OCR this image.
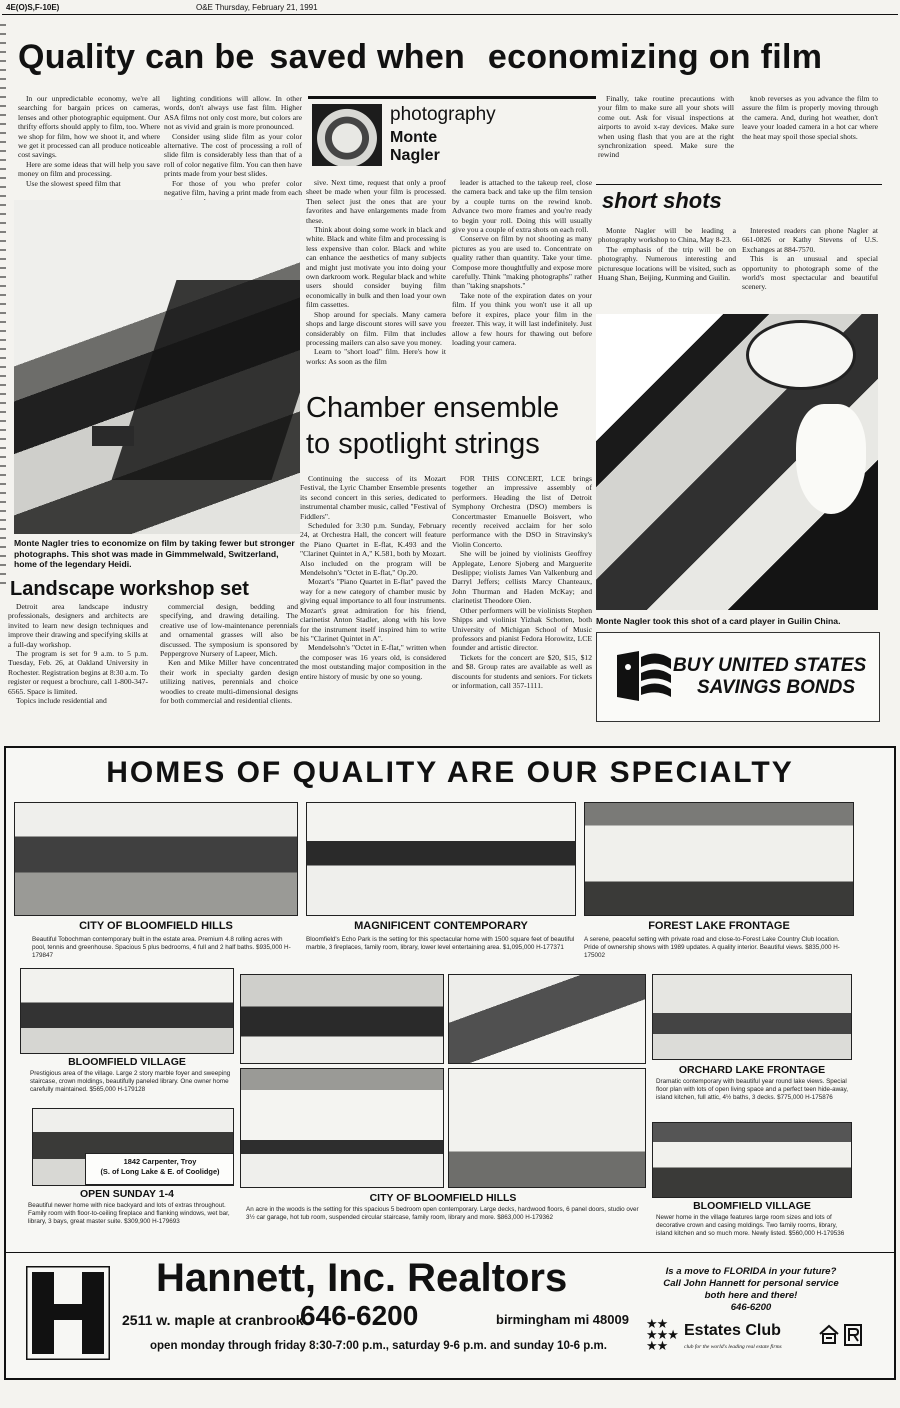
4E(O)S,F-10E)	O&E Thursday, February 21, 1991
Quality can be saved when economizing on film

In our unpredictable economy, we're all searching for bargain prices on cameras, lenses and other photographic equipment. Our thrifty efforts should apply to film, too. Where we shop for film, how we shoot it, and where we get it processed can all produce noticeable cost savings.

Here are some ideas that will help you save money on film and processing.

Use the slowest speed film that

lighting conditions will allow. In other words, don't always use fast film. Higher ASA films not only cost more, but colors are not as vivid and grain is more pronounced.

Consider using slide film as your color alternative. The cost of processing a roll of slide film is considerably less than that of a roll of color negative film. You can then have prints made from your best slides.

For those of you who prefer color negative film, having a print made from each

photography
Monte
Nagler

Finally, take routine precautions with your film to make sure all your shots will come out. Ask for visual inspections at airports to avoid x-ray devices. Make sure when using flash that you are at the right synchronization speed. Make sure the rewind

knob reverses as you advance the film to assure the film is properly moving through the camera. And, during hot weather, don't leave your loaded camera in a hot car where the heat may spoil those special shots.

sive. Next time, request that only a proof sheet be made when your film is processed. Then select just the ones that are your favorites and have enlargements made from these.

Think about doing some work in black and white. Black and white film and processing is less expensive than color. Black and white can enhance the aesthetics of many subjects and might just motivate you into doing your own darkroom work. Regular black and white users should consider buying film economically in bulk and then load your own film cassettes.

Shop around for specials. Many camera shops and large discount stores will save you considerably on film. Film that includes processing mailers can also save you money.

Learn to "short load" film. Here's how it works: As soon as the film

leader is attached to the takeup reel, close the camera back and take up the film tension by a couple turns on the rewind knob. Advance two more frames and you're ready to begin your roll. Doing this will usually give you a couple of extra shots on each roll.

Conserve on film by not shooting as many pictures as you are used to. Concentrate on quality rather than quantity. Take your time. Compose more thoughtfully and expose more carefully. Think "making photographs" rather than "taking snapshots."

Take note of the expiration dates on your film. If you think you won't use it all up before it expires, place your film in the freezer. This way, it will last indefinitely. Just allow a few hours for thawing out before loading your camera.

Monte Nagler tries to economize on film by taking fewer but stronger photographs. This shot was made in Gimmmelwald, Switzerland, home of the legendary Heidi.
Landscape workshop set

Detroit area landscape industry professionals, designers and architects are invited to learn new design techniques and improve their drawing and specifying skills at a full-day workshop.

The program is set for 9 a.m. to 5 p.m. Tuesday, Feb. 26, at Oakland University in Rochester. Registration begins at 8:30 a.m. To register or request a brochure, call 1-800-347-6565. Space is limited.

Topics include residential and

commercial design, bedding and specifying, and drawing detailing. The creative use of low-maintenance perennials and ornamental grasses will also be discussed. The symposium is sponsored by Peppergrove Nursery of Lapeer, Mich.

Ken and Mike Miller have concentrated their work in specialty garden design utilizing natives, perennials and choice woodies to create multi-dimensional designs for both commercial and residential clients.

Chamber ensemble
to spotlight strings

Continuing the success of its Mozart Festival, the Lyric Chamber Ensemble presents its second concert in this series, dedicated to instrumental chamber music, called "Festival of Fiddlers".

Scheduled for 3:30 p.m. Sunday, February 24, at Orchestra Hall, the concert will feature the Piano Quartet in E-flat, K.493 and the "Clarinet Quintet in A," K.581, both by Mozart. Also included on the program will be Mendelsohn's "Octet in E-flat," Op.20.

Mozart's "Piano Quartet in E-flat" paved the way for a new category of chamber music by giving equal importance to all four instruments. Mozart's great admiration for his friend, clarinetist Anton Stadler, along with his love for the instrument itself inspired him to write his "Clarinet Quintet in A".

Mendelsohn's "Octet in E-flat," written when the composer was 16 years old, is considered the most outstanding major composition in the entire history of music by one so young.

FOR THIS CONCERT, LCE brings together an impressive assembly of performers. Heading the list of Detroit Symphony Orchestra (DSO) members is Concertmaster Emanuelle Boisvert, who recently received acclaim for her solo performance with the DSO in Stravinsky's Violin Concerto.

She will be joined by violinists Geoffrey Applegate, Lenore Sjoberg and Marguerite Deslippe; violists James Van Valkenburg and Darryl Jeffers; cellists Marcy Chanteaux, John Thurman and Haden McKay; and clarinetist Theodore Oien.

Other performers will be violinists Stephen Shipps and violinist Yizhak Schotten, both University of Michigan School of Music professors and pianist Fedora Horowitz, LCE founder and artistic director.

Tickets for the concert are $20, $15, $12 and $8. Group rates are available as well as discounts for students and seniors. For tickets or information, call 357-1111.

short shots

Monte Nagler will be leading a photography workshop to China, May 8-23.

The emphasis of the trip will be on photography. Numerous interesting and picturesque locations will be visited, such as Huang Shan, Beijing, Kunming and Guilin.

Interested readers can phone Nagler at 661-0826 or Kathy Stevens of U.S. Exchanges at 884-7570.

This is an unusual and special opportunity to photograph some of the world's most spectacular and beautiful scenery.

Monte Nagler took this shot of a card player in Guilin China.
BUY UNITED STATES
SAVINGS BONDS
HOMES OF QUALITY ARE OUR SPECIALTY
CITY OF BLOOMFIELD HILLS	MAGNIFICENT CONTEMPORARY	FOREST LAKE FRONTAGE
Beautiful Tobochman contemporary built in the estate area. Premium 4.8 rolling acres with pool, tennis and greenhouse. Spacious 5 plus bedrooms, 4 full and 2 half baths. $935,000 H-179847
Bloomfield's Echo Park is the setting for this spectacular home with 1500 square feet of beautiful marble, 3 fireplaces, family room, library, lower level entertaining area. $1,095,000 H-177371
A serene, peaceful setting with private road and close-to-Forest Lake Country Club location. Pride of ownership shows with 1989 updates. A quality interior. Beautiful views. $835,000 H-175002
BLOOMFIELD VILLAGE
Prestigious area of the village. Large 2 story marble foyer and sweeping staircase, crown moldings, beautifully paneled library. One owner home carefully maintained. $565,000 H-179128
ORCHARD LAKE FRONTAGE
Dramatic contemporary with beautiful year round lake views. Special floor plan with lots of open living space and a perfect teen hide-away, island kitchen, full attic, 4½ baths, 3 decks. $775,000 H-175876
1842 Carpenter, Troy
(S. of Long Lake & E. of Coolidge)
OPEN SUNDAY 1-4
Beautiful newer home with nice backyard and lots of extras throughout. Family room with floor-to-ceiling fireplace and flanking windows, wet bar, library, 3 bays, great master suite. $309,900 H-179693
CITY OF BLOOMFIELD HILLS
An acre in the woods is the setting for this spacious 5 bedroom open contemporary. Large decks, hardwood floors, 6 panel doors, studio over 3½ car garage, hot tub room, suspended circular staircase, family room, library and more. $863,000 H-179362
BLOOMFIELD VILLAGE
Newer home in the village features large room sizes and lots of decorative crown and casing moldings. Two family rooms, library, island kitchen and so much more. Newly listed. $560,000 H-179536
Hannett, Inc. Realtors
2511 w. maple at cranbrook
646-6200	birmingham mi 48009
open monday through friday 8:30-7:00 p.m., saturday 9-6 p.m. and sunday 10-6 p.m.
Is a move to FLORIDA in your future?
Call John Hannett for personal service
both here and there!
646-6200
★★
★★★
★★
Estates Club
club for the world's leading real estate firms
